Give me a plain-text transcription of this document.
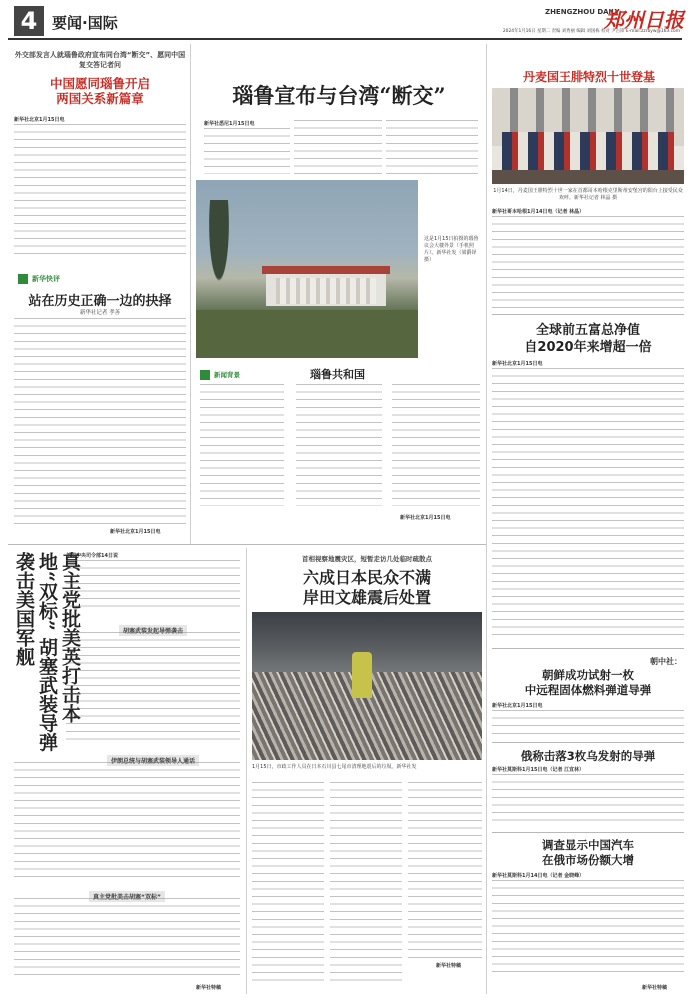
4 要闻·国际
ZHENGZHOU DAILY
郑州日报
2024年1月16日 星期二 责编 刘秀丽 编辑 刘国栋 校对 尹占锋 E-mail:zzrbyw@163.com
外交部发言人就瑙鲁政府宣布同台湾“断交”、愿同中国复交答记者问
中国愿同瑙鲁开启
两国关系新篇章
新华社北京1月15日电
新华快评
站在历史正确一边的抉择
新华社记者 孝善
新华社北京1月15日电
瑙鲁宣布与台湾“断交”
新华社悉尼1月15日电
这是1月15日拍摄的瑙鲁议会大楼外景（手机照片）。新华社发（梁爵铎 摄）
新闻背景	瑙鲁共和国
新华社北京1月15日电
真主党批美英打击本地“双标” 胡塞武装导弹袭击美国军舰	美国中央司令部14日说
胡塞武装发起导弹袭击
伊朗总统与胡塞武装领导人通话
真主党批美击胡塞“双标”
新华社特稿
首相视察地震灾区，短暂走访几处临时疏散点
六成日本民众不满
岸田文雄震后处置
1月15日，市政工作人员在日本石川县七尾市清理地震后的垃圾。新华社发
新华社特稿
丹麦国王腓特烈十世登基
1月14日，丹麦国王腓特烈十世一家在首都哥本哈根克里斯蒂安堡宫的阳台上接受民众欢呼。新华社记者 林晶 摄
新华社哥本哈根1月14日电（记者 林晶）
全球前五富总净值
自2020年来增超一倍
新华社北京1月15日电
朝中社：
朝鲜成功试射一枚
中远程固体燃料弹道导弹
新华社北京1月15日电
俄称击落3枚乌发射的导弹
新华社莫斯科1月15日电（记者 江宜林）
调查显示中国汽车
在俄市场份额大增
新华社莫斯科1月14日电（记者 金晓峰）
新华社特稿
